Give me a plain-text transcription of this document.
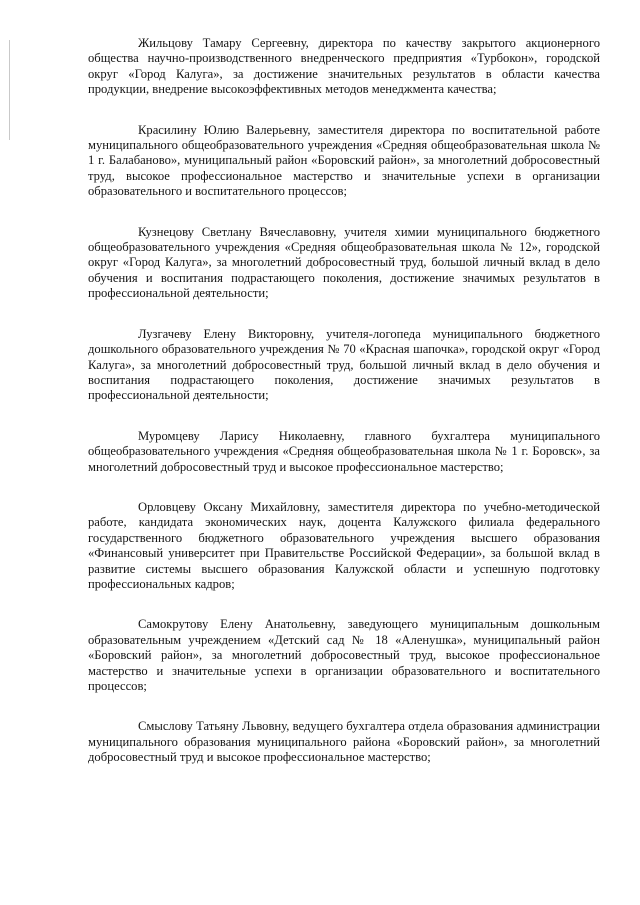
Жильцову Тамару Сергеевну, директора по качеству закрытого акционерного общества научно-производственного внедренческого предприятия «Турбокон», городской округ «Город Калуга», за достижение значительных результатов в области качества продукции, внедрение высокоэффективных методов менеджмента качества;

Красилину Юлию Валерьевну, заместителя директора по воспитательной работе муниципального общеобразовательного учреждения «Средняя общеобразовательная школа № 1 г. Балабаново», муниципальный район «Боровский район», за многолетний добросовестный труд, высокое профессиональное мастерство и значительные успехи в организации образовательного и воспитательного процессов;

Кузнецову Светлану Вячеславовну, учителя химии муниципального бюджетного общеобразовательного учреждения «Средняя общеобразовательная школа № 12», городской округ «Город Калуга», за многолетний добросовестный труд, большой личный вклад в дело обучения и воспитания подрастающего поколения, достижение значимых результатов в профессиональной деятельности;

Лузгачеву Елену Викторовну, учителя-логопеда муниципального бюджетного дошкольного образовательного учреждения № 70 «Красная шапочка», городской округ «Город Калуга», за многолетний добросовестный труд, большой личный вклад в дело обучения и воспитания подрастающего поколения, достижение значимых результатов в профессиональной деятельности;

Муромцеву Ларису Николаевну, главного бухгалтера муниципального общеобразовательного учреждения «Средняя общеобразовательная школа № 1 г. Боровск», за многолетний добросовестный труд и высокое профессиональное мастерство;

Орловцеву Оксану Михайловну, заместителя директора по учебно-методической работе, кандидата экономических наук, доцента Калужского филиала федерального государственного бюджетного образовательного учреждения высшего образования «Финансовый университет при Правительстве Российской Федерации», за большой вклад в развитие системы высшего образования Калужской области и успешную подготовку профессиональных кадров;

Самокрутову Елену Анатольевну, заведующего муниципальным дошкольным образовательным учреждением «Детский сад № 18 «Аленушка», муниципальный район «Боровский район», за многолетний добросовестный труд, высокое профессиональное мастерство и значительные успехи в организации образовательного и воспитательного процессов;

Смыслову Татьяну Львовну, ведущего бухгалтера отдела образования администрации муниципального образования муниципального района «Боровский район», за многолетний добросовестный труд и высокое профессиональное мастерство;
